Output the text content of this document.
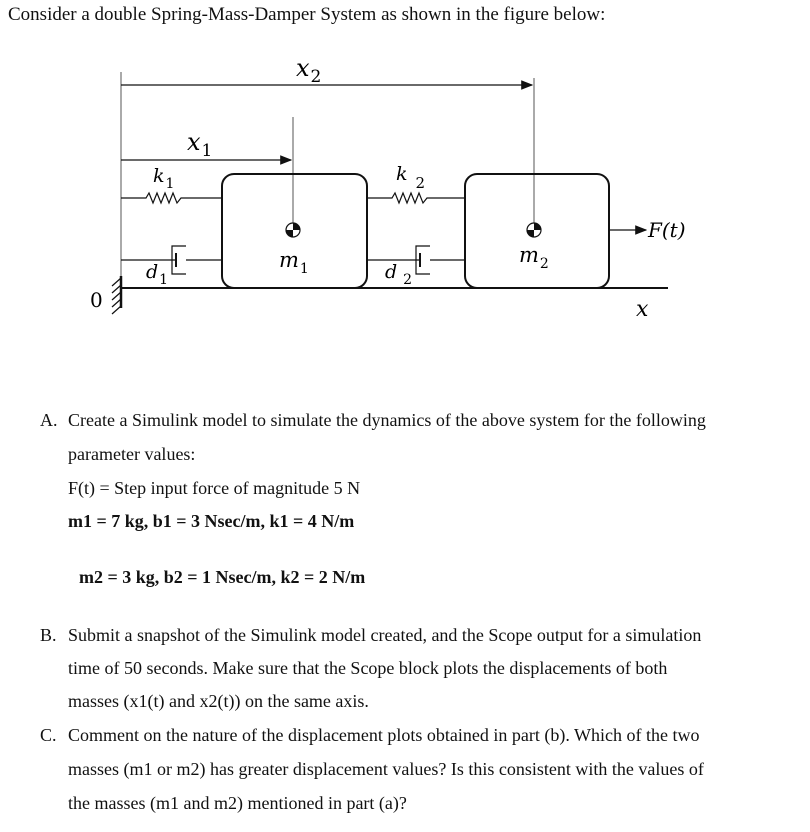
Consider a double Spring-Mass-Damper System as shown in the figure below:
0
$x_2$
$x_1$
$k_1$
$d_1$
$m_1$
k $_2$
d $_2$
$m_2$
F(t)
x
A. Create a Simulink model to simulate the dynamics of the above system for the following
parameter values:
F(t) = Step input force of magnitude 5 N
m1 = 7 kg, b1 = 3 Nsec/m, k1 = 4 N/m
m2 = 3 kg, b2 = 1 Nsec/m, k2 = 2 N/m
B. Submit a snapshot of the Simulink model created, and the Scope output for a simulation
time of 50 seconds. Make sure that the Scope block plots the displacements of both
masses (x1(t) and x2(t)) on the same axis.
C. Comment on the nature of the displacement plots obtained in part (b). Which of the two
masses (m1 or m2) has greater displacement values? Is this consistent with the values of
the masses (m1 and m2) mentioned in part (a)?
